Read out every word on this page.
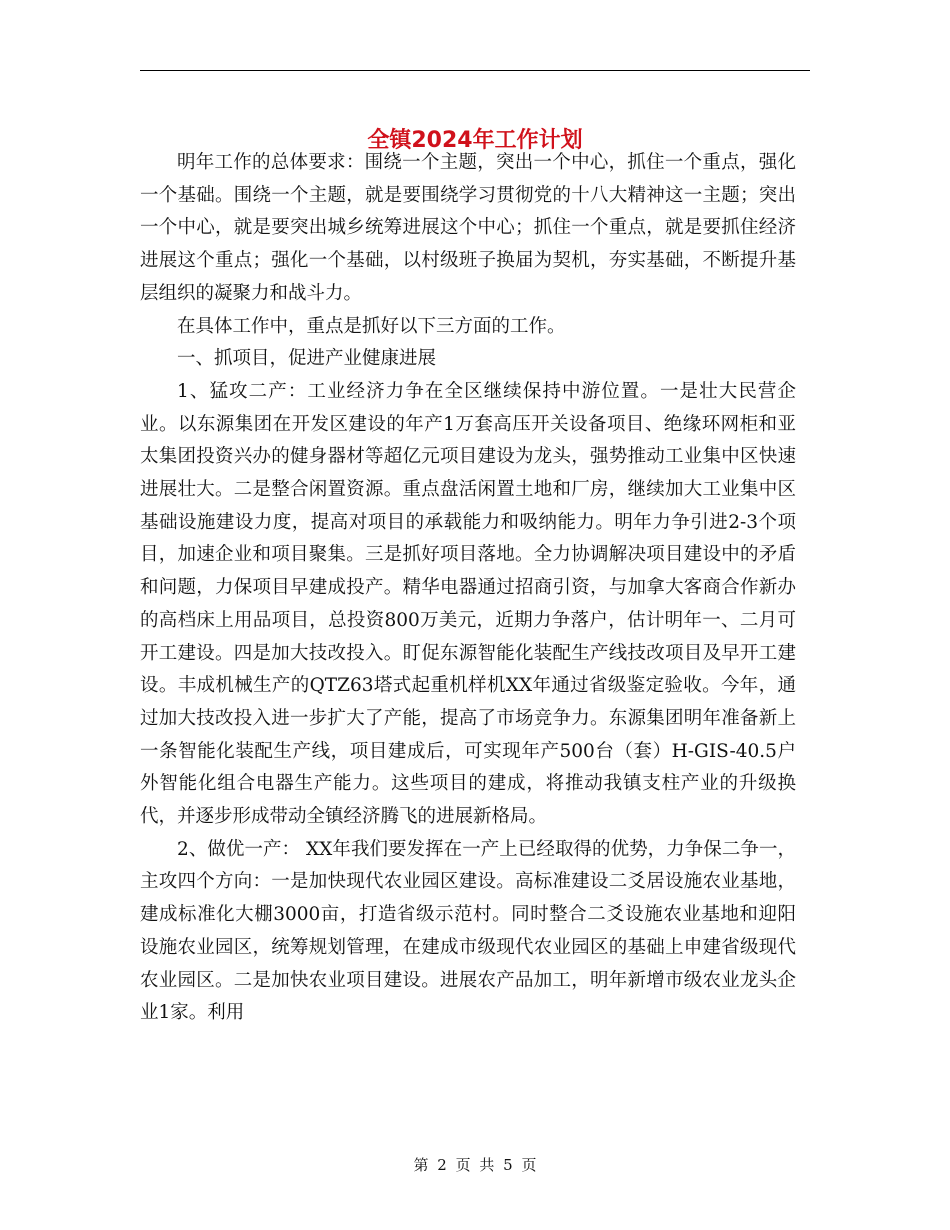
全镇2024年工作计划

明年工作的总体要求：围绕一个主题，突出一个中心，抓住一个重点，强化一个基础。围绕一个主题，就是要围绕学习贯彻党的十八大精神这一主题；突出一个中心，就是要突出城乡统筹进展这个中心；抓住一个重点，就是要抓住经济进展这个重点；强化一个基础，以村级班子换届为契机，夯实基础，不断提升基层组织的凝聚力和战斗力。

在具体工作中，重点是抓好以下三方面的工作。

一、抓项目，促进产业健康进展

1、猛攻二产：工业经济力争在全区继续保持中游位置。一是壮大民营企业。以东源集团在开发区建设的年产1万套高压开关设备项目、绝缘环网柜和亚太集团投资兴办的健身器材等超亿元项目建设为龙头，强势推动工业集中区快速进展壮大。二是整合闲置资源。重点盘活闲置土地和厂房，继续加大工业集中区基础设施建设力度，提高对项目的承载能力和吸纳能力。明年力争引进2-3个项目，加速企业和项目聚集。三是抓好项目落地。全力协调解决项目建设中的矛盾和问题，力保项目早建成投产。精华电器通过招商引资，与加拿大客商合作新办的高档床上用品项目，总投资800万美元，近期力争落户，估计明年一、二月可开工建设。四是加大技改投入。盯促东源智能化装配生产线技改项目及早开工建设。丰成机械生产的QTZ63塔式起重机样机XX年通过省级鉴定验收。今年，通过加大技改投入进一步扩大了产能，提高了市场竞争力。东源集团明年准备新上一条智能化装配生产线，项目建成后，可实现年产500台（套）H-GIS-40.5户外智能化组合电器生产能力。这些项目的建成，将推动我镇支柱产业的升级换代，并逐步形成带动全镇经济腾飞的进展新格局。

2、做优一产： XX年我们要发挥在一产上已经取得的优势，力争保二争一，主攻四个方向：一是加快现代农业园区建设。高标准建设二爻居设施农业基地，建成标准化大棚3000亩，打造省级示范村。同时整合二爻设施农业基地和迎阳设施农业园区，统筹规划管理，在建成市级现代农业园区的基础上申建省级现代农业园区。二是加快农业项目建设。进展农产品加工，明年新增市级农业龙头企业1家。利用

第 2 页 共 5 页
